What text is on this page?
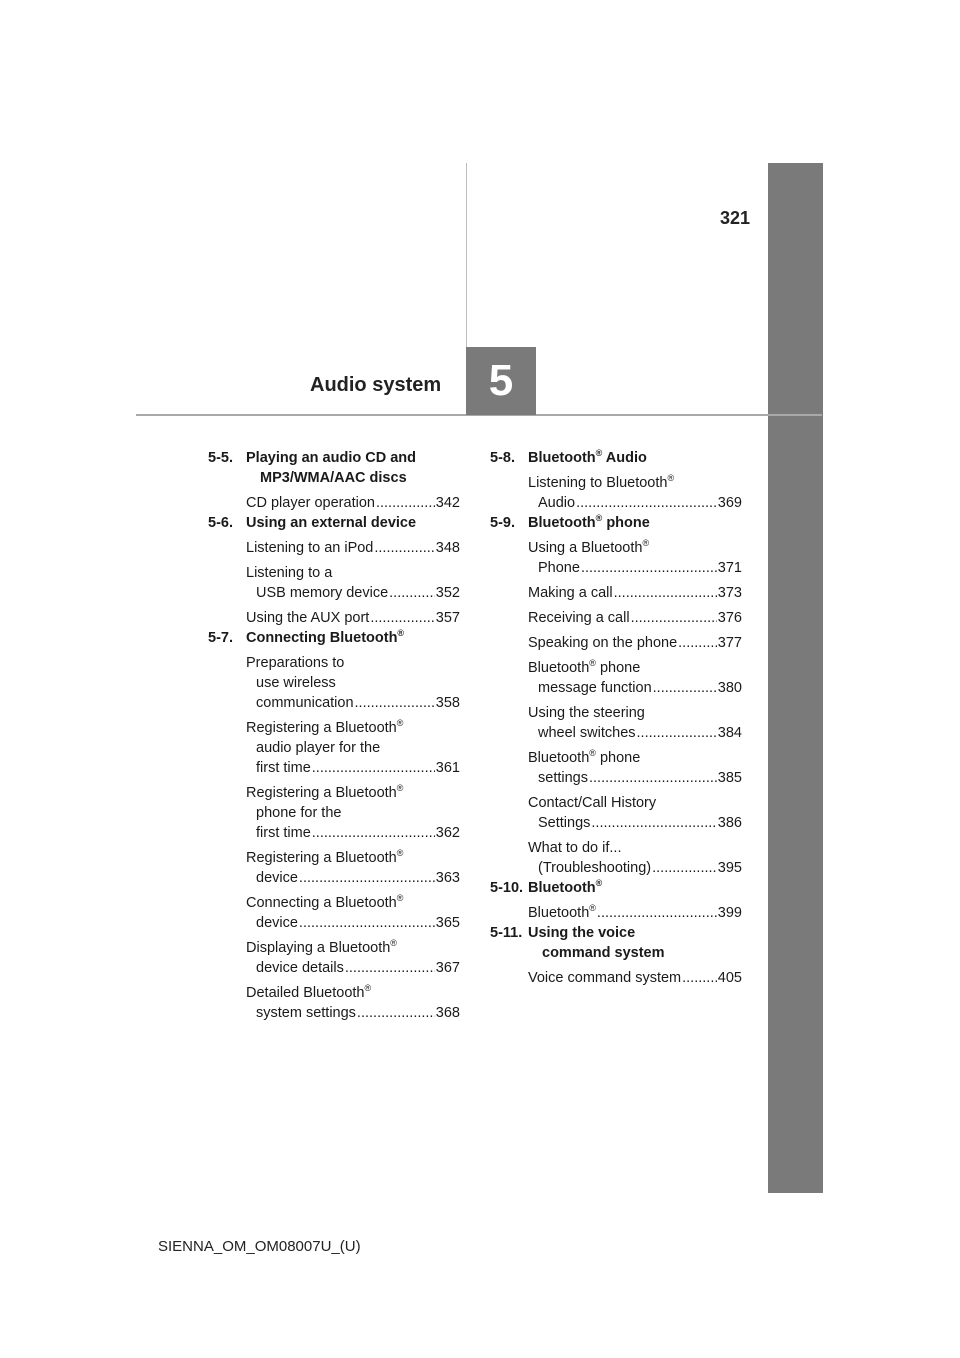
321
Audio system 5
5-5. Playing an audio CD and
MP3/WMA/AAC discs
CD player operation .....	342
5-6. Using an external device
Listening to an iPod .....	348
Listening to a
USB memory device .....	352
Using the AUX port .....	357
5-7. Connecting Bluetooth®
Preparations to
use wireless
communication .....	358
Registering a Bluetooth®
audio player for the
first time .....	361
Registering a Bluetooth®
phone for the
first time .....	362
Registering a Bluetooth®
device .....	363
Connecting a Bluetooth®
device .....	365
Displaying a Bluetooth®
device details .....	367
Detailed Bluetooth®
system settings .....	368
5-8. Bluetooth® Audio
Listening to Bluetooth®
Audio .....	369
5-9. Bluetooth® phone
Using a Bluetooth®
Phone .....	371
Making a call .....	373
Receiving a call .....	376
Speaking on the phone .....	377
Bluetooth® phone
message function .....	380
Using the steering
wheel switches .....	384
Bluetooth® phone
settings .....	385
Contact/Call History
Settings .....	386
What to do if...
(Troubleshooting) .....	395
5-10. Bluetooth®
Bluetooth® .....	399
5-11. Using the voice
command system
Voice command system .....	405
SIENNA_OM_OM08007U_(U)
